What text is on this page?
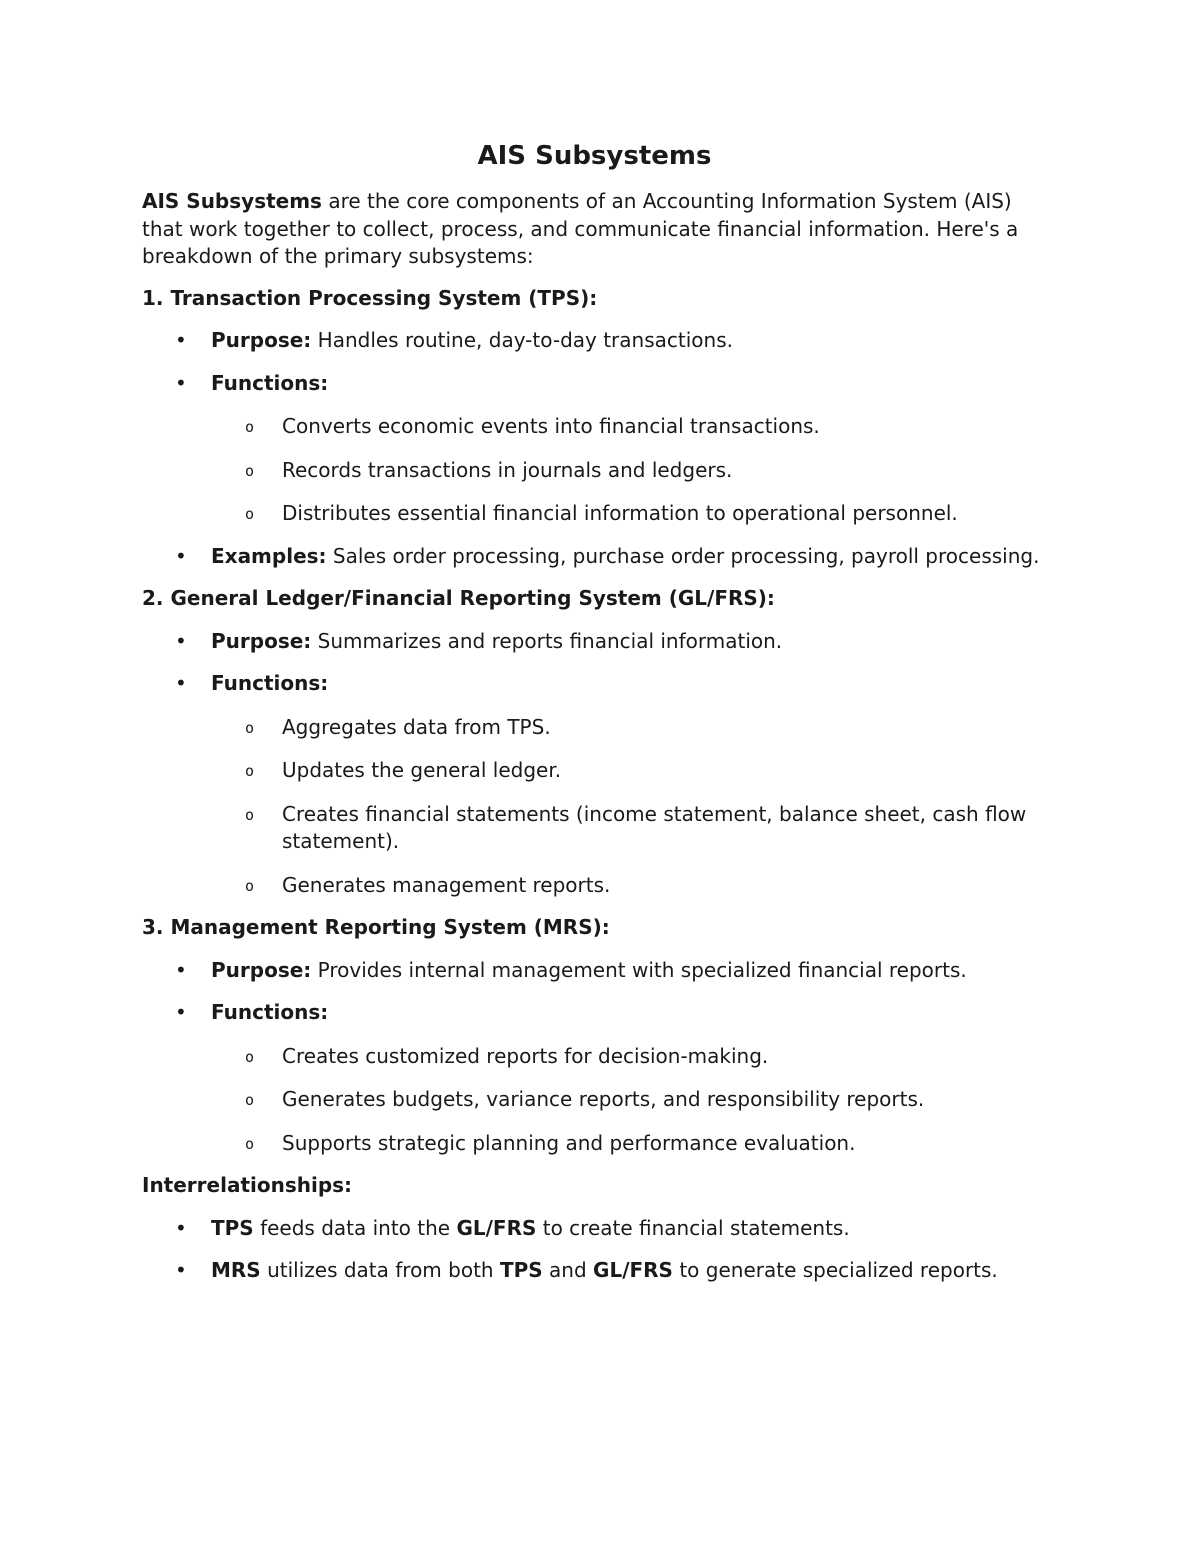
AIS Subsystems

AIS Subsystems are the core components of an Accounting Information System (AIS) that work together to collect, process, and communicate financial information. Here's a breakdown of the primary subsystems:

1. Transaction Processing System (TPS):
• Purpose: Handles routine, day-to-day transactions.
• Functions:
o Converts economic events into financial transactions.
o Records transactions in journals and ledgers.
o Distributes essential financial information to operational personnel.
• Examples: Sales order processing, purchase order processing, payroll processing.
2. General Ledger/Financial Reporting System (GL/FRS):
• Purpose: Summarizes and reports financial information.
• Functions:
o Aggregates data from TPS.
o Updates the general ledger.
o Creates financial statements (income statement, balance sheet, cash flow statement).
o Generates management reports.
3. Management Reporting System (MRS):
• Purpose: Provides internal management with specialized financial reports.
• Functions:
o Creates customized reports for decision-making.
o Generates budgets, variance reports, and responsibility reports.
o Supports strategic planning and performance evaluation.
Interrelationships:
• TPS feeds data into the GL/FRS to create financial statements.
• MRS utilizes data from both TPS and GL/FRS to generate specialized reports.
